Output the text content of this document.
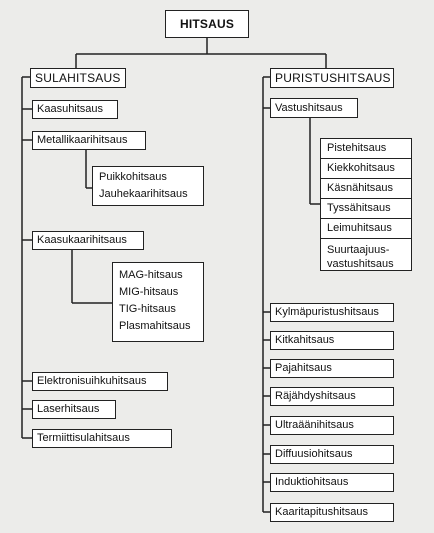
HITSAUS
SULAHITSAUS
Kaasuhitsaus
Metallikaarihitsaus
Puikkohitsaus
Jauhekaarihitsaus
Kaasukaarihitsaus
MAG-hitsaus
MIG-hitsaus
TIG-hitsaus
Plasmahitsaus
Elektronisuihkuhitsaus
Laserhitsaus
Termiittisulahitsaus
PURISTUSHITSAUS
Vastushitsaus
Pistehitsaus
Kiekkohitsaus
Käsnähitsaus
Tyssähitsaus
Leimuhitsaus
Suurtaajuus-
vastushitsaus
Kylmäpuristushitsaus
Kitkahitsaus
Pajahitsaus
Räjähdyshitsaus
Ultraäänihitsaus
Diffuusiohitsaus
Induktiohitsaus
Kaaritapitushitsaus
